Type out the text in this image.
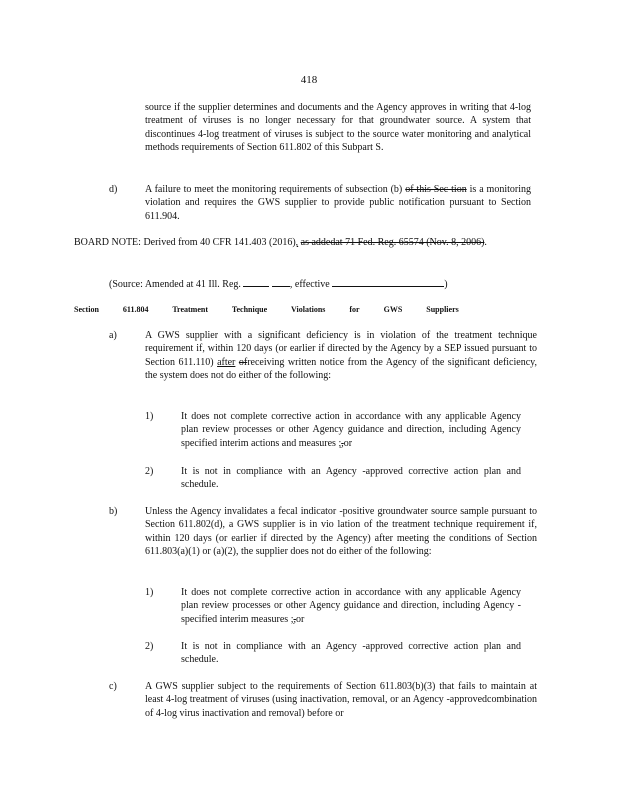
418
source if the supplier determines and documents and the Agency approves in writing that 4-log treatment of viruses is no longer necessary for that groundwater source. A system that discontinues 4-log treatment of viruses is subject to the source water monitoring and analytical methods requirements of Section 611.802 of this Subpart S.
d)	A failure to meet the monitoring requirements of subsection (b) of this Sec tion is a monitoring violation and requires the GWS supplier to provide public notification pursuant to Section 611.904.
BOARD NOTE: Derived from 40 CFR 141.403 (2016), as addedat 71 Fed. Reg. 65574 (Nov. 8, 2006).
(Source: Amended at 41 Ill. Reg.	, effective	)
Section	611.804	Treatment	Technique	Violations	for	GWS	Suppliers
a)	A GWS supplier with a significant deficiency is in violation of the treatment technique requirement if, within 120 days (or earlier if directed by the Agency by a SEP issued pursuant to Section 611.110) after ofreceiving written notice from the Agency of the significant deficiency, the system does not do either of the following:
1)	It does not complete corrective action in accordance with any applicable Agency plan review processes or other Agency guidance and direction, including Agency specified interim actions and measures ;,or
2)	It is not in compliance with an Agency -approved corrective action plan and schedule.
b)	Unless the Agency invalidates a fecal indicator -positive groundwater source sample pursuant to Section 611.802(d), a GWS supplier is in vio lation of the treatment technique requirement if, within 120 days (or earlier if directed by the Agency) after meeting the conditions of Section 611.803(a)(1) or (a)(2), the supplier does not do either of the following:
1)	It does not complete corrective action in accordance with any applicable Agency plan review processes or other Agency guidance and direction, including Agency -specified interim measures ;,or
2)	It is not in compliance with an Agency -approved corrective action plan and schedule.
c)	A GWS supplier subject to the requirements of Section 611.803(b)(3) that fails to maintain at least 4-log treatment of viruses (using inactivation, removal, or an Agency -approvedcombination of 4-log virus inactivation and removal) before or
